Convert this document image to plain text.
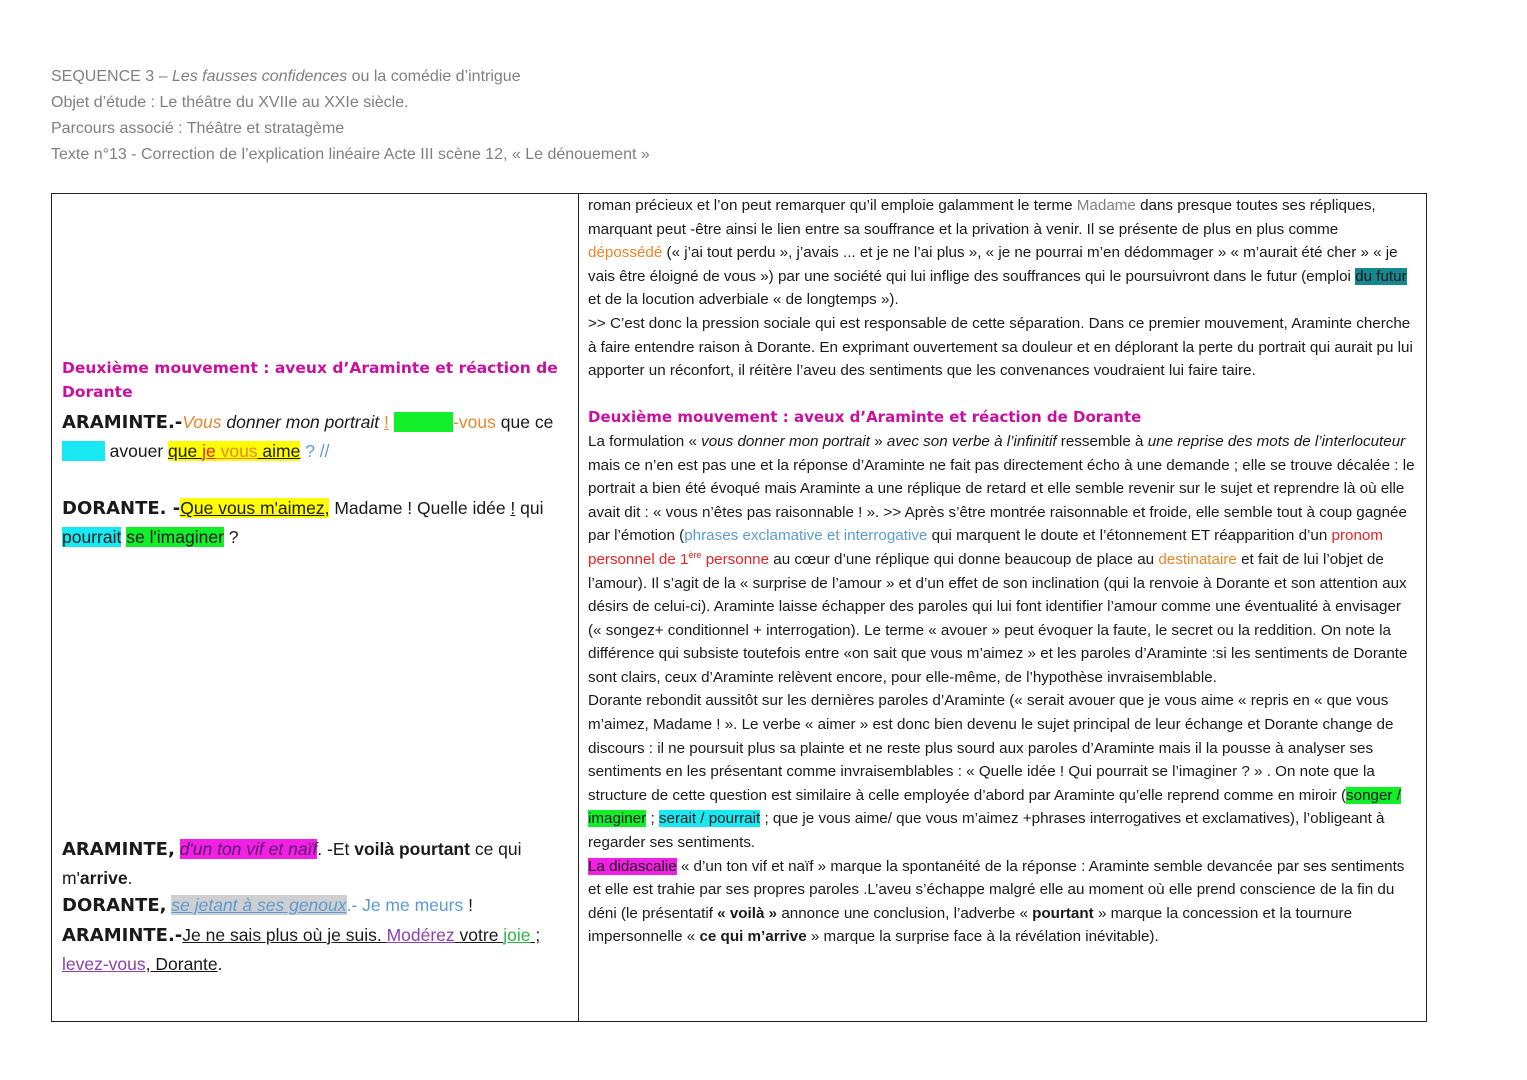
SEQUENCE 3 – Les fausses confidences ou la comédie d’intrigue
Objet d’étude : Le théâtre du XVIIe au XXIe siècle.
Parcours associé : Théâtre et stratagème
Texte n°13 - Correction de l’explication linéaire Acte III scène 12, « Le dénouement »
Deuxième mouvement : aveux d’Araminte et réaction de Dorante
ARAMINTE.-Vous donner mon portrait ! Songez-vous que ce serait avouer que je vous aime ? //
DORANTE. -Que vous m'aimez, Madame ! Quelle idée ! qui pourrait se l'imaginer ?
ARAMINTE, d'un ton vif et naïf. -Et voilà pourtant ce qui m'arrive.
DORANTE, se jetant à ses genoux.- Je me meurs !
ARAMINTE.-Je ne sais plus où je suis. Modérez votre joie ; levez-vous, Dorante.

roman précieux et l’on peut remarquer qu’il emploie galamment le terme Madame dans presque toutes ses répliques, marquant peut -être ainsi le lien entre sa souffrance et la privation à venir. Il se présente de plus en plus comme dépossédé (« j’ai tout perdu », j’avais ... et je ne l’ai plus », « je ne pourrai m’en dédommager » « m’aurait été cher » « je vais être éloigné de vous ») par une société qui lui inflige des souffrances qui le poursuivront dans le futur (emploi du futur et de la locution adverbiale « de longtemps »).

>> C’est donc la pression sociale qui est responsable de cette séparation. Dans ce premier mouvement, Araminte cherche à faire entendre raison à Dorante. En exprimant ouvertement sa douleur et en déplorant la perte du portrait qui aurait pu lui apporter un réconfort, il réitère l’aveu des sentiments que les convenances voudraient lui faire taire.

Deuxième mouvement : aveux d’Araminte et réaction de Dorante

La formulation « vous donner mon portrait » avec son verbe à l’infinitif ressemble à une reprise des mots de l’interlocuteur mais ce n’en est pas une et la réponse d’Araminte ne fait pas directement écho à une demande ; elle se trouve décalée : le portrait a bien été évoqué mais Araminte a une réplique de retard et elle semble revenir sur le sujet et reprendre là où elle avait dit : « vous n’êtes pas raisonnable ! ». >> Après s’être montrée raisonnable et froide, elle semble tout à coup gagnée par l’émotion (phrases exclamative et interrogative qui marquent le doute et l’étonnement ET réapparition d’un pronom personnel de 1ère personne au cœur d’une réplique qui donne beaucoup de place au destinataire et fait de lui l’objet de l’amour). Il s’agit de la « surprise de l’amour » et d’un effet de son inclination (qui la renvoie à Dorante et son attention aux désirs de celui-ci). Araminte laisse échapper des paroles qui lui font identifier l’amour comme une éventualité à envisager (« songez+ conditionnel + interrogation). Le terme « avouer » peut évoquer la faute, le secret ou la reddition. On note la différence qui subsiste toutefois entre «on sait que vous m’aimez » et les paroles d’Araminte :si les sentiments de Dorante sont clairs, ceux d’Araminte relèvent encore, pour elle-même, de l’hypothèse invraisemblable.

Dorante rebondit aussitôt sur les dernières paroles d’Araminte (« serait avouer que je vous aime « repris en « que vous m’aimez, Madame ! ». Le verbe « aimer » est donc bien devenu le sujet principal de leur échange et Dorante change de discours : il ne poursuit plus sa plainte et ne reste plus sourd aux paroles d’Araminte mais il la pousse à analyser ses sentiments en les présentant comme invraisemblables : « Quelle idée ! Qui pourrait se l’imaginer ? » . On note que la structure de cette question est similaire à celle employée d’abord par Araminte qu’elle reprend comme en miroir (songer / imaginer ; serait / pourrait ; que je vous aime/ que vous m’aimez +phrases interrogatives et exclamatives), l’obligeant à regarder ses sentiments.

La didascalie « d’un ton vif et naïf » marque la spontanéité de la réponse : Araminte semble devancée par ses sentiments et elle est trahie par ses propres paroles .L’aveu s’échappe malgré elle au moment où elle prend conscience de la fin du déni (le présentatif « voilà » annonce une conclusion, l’adverbe « pourtant » marque la concession et la tournure impersonnelle « ce qui m’arrive » marque la surprise face à la révélation inévitable).
